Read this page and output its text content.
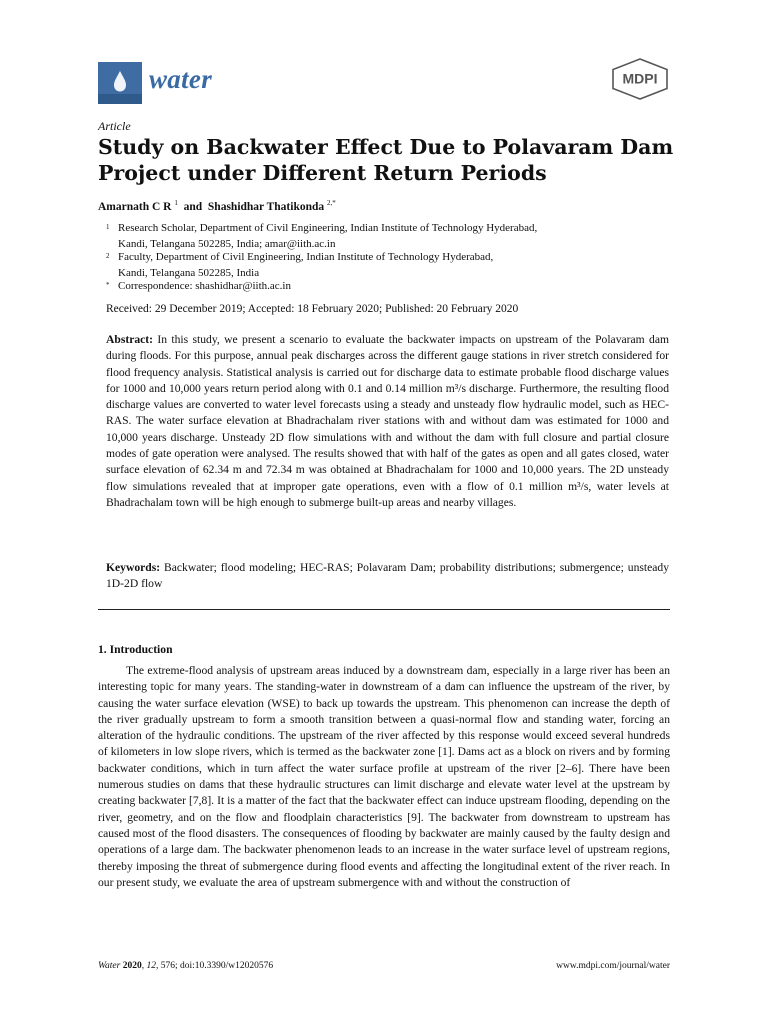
water	MDPI
Article
Study on Backwater Effect Due to Polavaram Dam Project under Different Return Periods
Amarnath C R $^1$  and  Shashidhar Thatikonda $^{2,*}$
1 Research Scholar, Department of Civil Engineering, Indian Institute of Technology Hyderabad,
Kandi, Telangana 502285, India; amar@iith.ac.in
2 Faculty, Department of Civil Engineering, Indian Institute of Technology Hyderabad,
Kandi, Telangana 502285, India
* Correspondence: shashidhar@iith.ac.in
Received: 29 December 2019; Accepted: 18 February 2020; Published: 20 February 2020

Abstract: In this study, we present a scenario to evaluate the backwater impacts on upstream of the Polavaram dam during floods. For this purpose, annual peak discharges across the different gauge stations in river stretch considered for flood frequency analysis. Statistical analysis is carried out for discharge data to estimate probable flood discharge values for 1000 and 10,000 years return period along with 0.1 and 0.14 million m³/s discharge. Furthermore, the resulting flood discharge values are converted to water level forecasts using a steady and unsteady flow hydraulic model, such as HEC-RAS. The water surface elevation at Bhadrachalam river stations with and without dam was estimated for 1000 and 10,000 years discharge. Unsteady 2D flow simulations with and without the dam with full closure and partial closure modes of gate operation were analysed. The results showed that with half of the gates as open and all gates closed, water surface elevation of 62.34 m and 72.34 m was obtained at Bhadrachalam for 1000 and 10,000 years. The 2D unsteady flow simulations revealed that at improper gate operations, even with a flow of 0.1 million m³/s, water levels at Bhadrachalam town will be high enough to submerge built-up areas and nearby villages.

Keywords: Backwater; flood modeling; HEC-RAS; Polavaram Dam; probability distributions; submergence; unsteady 1D-2D flow

1. Introduction

The extreme-flood analysis of upstream areas induced by a downstream dam, especially in a large river has been an interesting topic for many years. The standing-water in downstream of a dam can influence the upstream of the river, by causing the water surface elevation (WSE) to back up towards the upstream. This phenomenon can increase the depth of the river gradually upstream to form a smooth transition between a quasi-normal flow and standing water, forcing an alteration of the hydraulic conditions. The upstream of the river affected by this response would exceed several hundreds of kilometers in low slope rivers, which is termed as the backwater zone [1]. Dams act as a block on rivers and by forming backwater conditions, which in turn affect the water surface profile at upstream of the river [2–6]. There have been numerous studies on dams that these hydraulic structures can limit discharge and elevate water level at the upstream by creating backwater [7,8]. It is a matter of the fact that the backwater effect can induce upstream flooding, depending on the river, geometry, and on the flow and floodplain characteristics [9]. The backwater from downstream to upstream has caused most of the flood disasters. The consequences of flooding by backwater are mainly caused by the faulty design and operations of a large dam. The backwater phenomenon leads to an increase in the water surface level of upstream regions, thereby imposing the threat of submergence during flood events and affecting the longitudinal extent of the river reach. In our present study, we evaluate the area of upstream submergence with and without the construction of

Water 2020, 12, 576; doi:10.3390/w12020576	www.mdpi.com/journal/water
